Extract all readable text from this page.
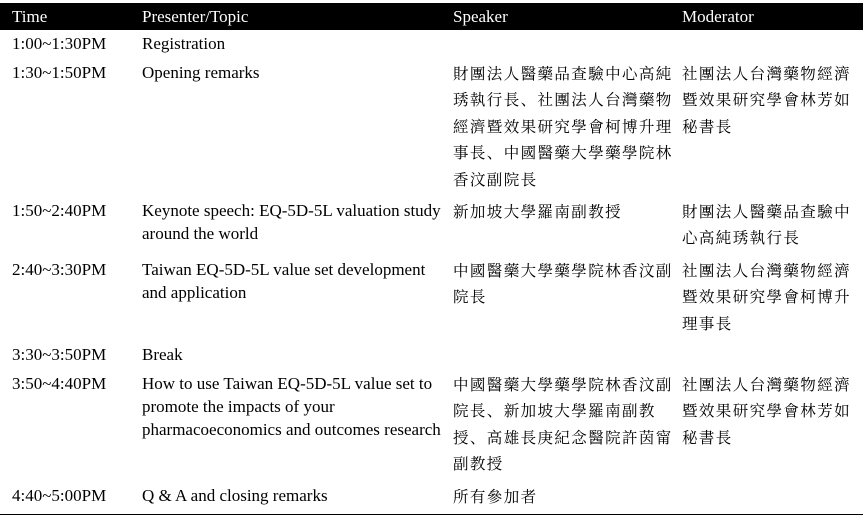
Time	Presenter/Topic	Speaker	Moderator
1:00~1:30PM	Registration		
1:30~1:50PM	Opening remarks	財團法人醫藥品查驗中心高純琇執行長、社團法人台灣藥物經濟暨效果研究學會柯博升理事長、中國醫藥大學藥學院林香汶副院長	社團法人台灣藥物經濟暨效果研究學會林芳如秘書長
1:50~2:40PM	Keynote speech: EQ-5D-5L valuation study around the world	新加坡大學羅南副教授	財團法人醫藥品查驗中心高純琇執行長
2:40~3:30PM	Taiwan EQ-5D-5L value set development and application	中國醫藥大學藥學院林香汶副院長	社團法人台灣藥物經濟暨效果研究學會柯博升理事長
3:30~3:50PM	Break		
3:50~4:40PM	How to use Taiwan EQ-5D-5L value set to promote the impacts of your pharmacoeconomics and outcomes research	中國醫藥大學藥學院林香汶副院長、新加坡大學羅南副教授、高雄長庚紀念醫院許茵甯副教授	社團法人台灣藥物經濟暨效果研究學會林芳如秘書長
4:40~5:00PM	Q & A and closing remarks	所有參加者	
